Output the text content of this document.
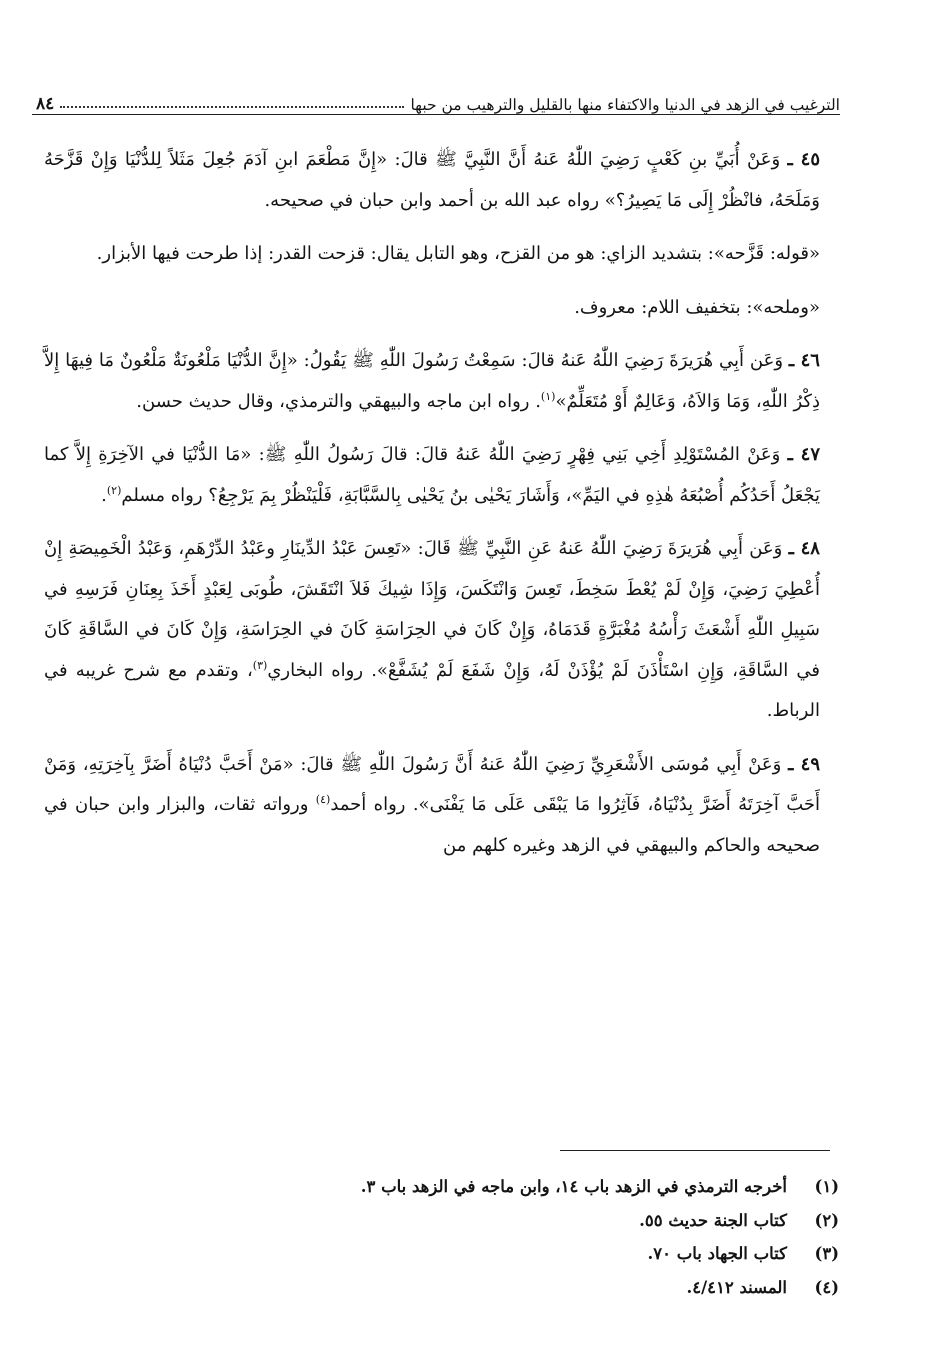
٨٤	الترغيب في الزهد في الدنيا والاكتفاء منها بالقليل والترهيب من حبها

٤٥ ـ وَعَنْ أُبَيِّ بنِ كَعْبٍ رَضِيَ اللّٰهُ عَنهُ أَنَّ النَّبِيَّ ﷺ قالَ: «إِنَّ مَطْعَمَ ابنِ آدَمَ جُعِلَ مَثَلاً لِلدُّنْيَا وَإِنْ قَزَّحَهُ وَمَلَحَهُ، فانْظُرْ إِلَى مَا يَصِيرُ؟» رواه عبد الله بن أحمد وابن حبان في صحيحه.

«قوله: قَزَّحه»: بتشديد الزاي: هو من القزح، وهو التابل يقال: قزحت القدر: إذا طرحت فيها الأبزار.

«وملحه»: بتخفيف اللام: معروف.

٤٦ ـ وَعَن أَبِي هُرَيرَةَ رَضِيَ اللّٰهُ عَنهُ قالَ: سَمِعْتُ رَسُولَ اللّٰهِ ﷺ يَقُولُ: «إِنَّ الدُّنْيَا مَلْعُونَةٌ مَلْعُونٌ مَا فِيهَا إِلاَّ ذِكْرُ اللّٰهِ، وَمَا وَالاَهُ، وَعَالِمٌ أَوْ مُتَعَلِّمٌ»$^{(١)}$. رواه ابن ماجه والبيهقي والترمذي، وقال حديث حسن.

٤٧ ـ وَعَنْ المُسْتَوْلِدِ أَخِي بَنِي فِهْرٍ رَضِيَ اللّٰهُ عَنهُ قالَ: قالَ رَسُولُ اللّٰهِ ﷺ: «مَا الدُّنْيَا في الآخِرَةِ إِلاَّ كما يَجْعَلُ أَحَدُكُم أُصْبُعَهُ هٰذِهِ في اليَمِّ»، وَأَشَارَ يَحْيٰى بنُ يَحْيٰى بِالسَّبَّابَةِ، فَلْيَنْظُرْ بِمَ يَرْجِعُ؟ رواه مسلم$^{(٢)}$.

٤٨ ـ وَعَن أَبِي هُرَيرَةَ رَضِيَ اللّٰهُ عَنهُ عَنِ النَّبِيِّ ﷺ قَالَ: «تَعِسَ عَبْدُ الدِّينَارِ وعَبْدُ الدِّرْهَمِ، وَعَبْدُ الْخَمِيصَةِ إِنْ أُعْطِيَ رَضِيَ، وَإِنْ لَمْ يُعْطَ سَخِطَ، تَعِسَ وَانْتَكَسَ، وَإِذَا شِيكَ فَلاَ انْتَقَشَ، طُوبَى لِعَبْدٍ أَخَذَ بِعِنَانِ فَرَسِهِ في سَبِيلِ اللّٰهِ أَشْعَثَ رَأْسُهُ مُغْبَرَّةٍ قَدَمَاهُ، وَإِنْ كَانَ في الحِرَاسَةِ كَانَ في الحِرَاسَةِ، وَإِنْ كَانَ في السَّاقَةِ كَانَ في السَّاقَةِ، وَإِنِ اسْتَأْذَنَ لَمْ يُؤْذَنْ لَهُ، وَإِنْ شَفَعَ لَمْ يُشَفَّعْ». رواه البخاري$^{(٣)}$، وتقدم مع شرح غريبه في الرباط.

٤٩ ـ وَعَنْ أَبِي مُوسَى الأَشْعَرِيِّ رَضِيَ اللّٰهُ عَنهُ أَنَّ رَسُولَ اللّٰهِ ﷺ قالَ: «مَنْ أَحَبَّ دُنْيَاهُ أَضَرَّ بِآخِرَتِهِ، وَمَنْ أَحَبَّ آخِرَتَهُ أَضَرَّ بِدُنْيَاهُ، فَآثِرُوا مَا يَبْقَى عَلَى مَا يَفْنَى». رواه أحمد$^{(٤)}$ ورواته ثقات، والبزار وابن حبان في صحيحه والحاكم والبيهقي في الزهد وغيره كلهم من

(١)
أخرجه الترمذي في الزهد باب ١٤، وابن ماجه في الزهد باب ٣.
(٢)
كتاب الجنة حديث ٥٥.
(٣)
كتاب الجهاد باب ٧٠.
(٤)
المسند ٤/٤١٢.
